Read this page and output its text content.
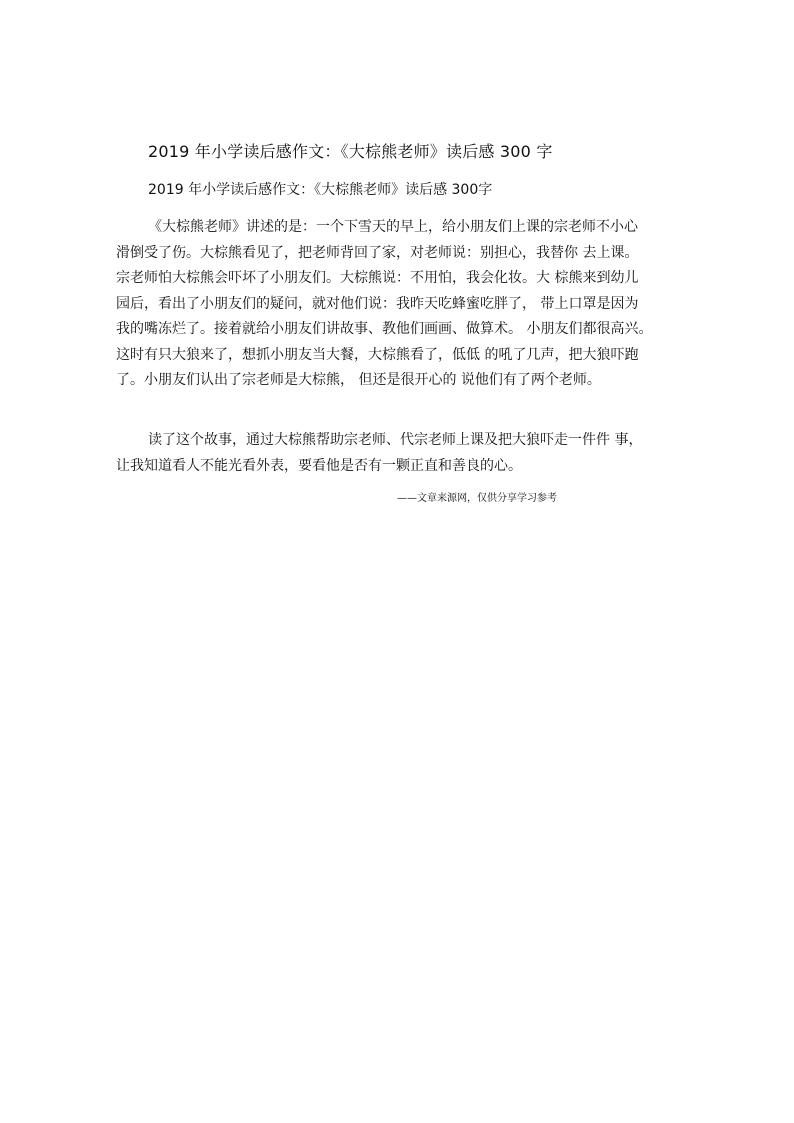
2019 年小学读后感作文：《大棕熊老师》读后感 300 字
2019 年小学读后感作文：《大棕熊老师》读后感 300字
《大棕熊老师》讲述的是：一个下雪天的早上，给小朋友们上课的宗老师不小心
滑倒受了伤。大棕熊看见了，把老师背回了家，对老师说：别担心，我替你 去上课。
宗老师怕大棕熊会吓坏了小朋友们。大棕熊说：不用怕，我会化妆。大 棕熊来到幼儿
园后，看出了小朋友们的疑问，就对他们说：我昨天吃蜂蜜吃胖了， 带上口罩是因为
我的嘴冻烂了。接着就给小朋友们讲故事、教他们画画、做算术。 小朋友们都很高兴。
这时有只大狼来了，想抓小朋友当大餐，大棕熊看了，低低 的吼了几声，把大狼吓跑
了。小朋友们认出了宗老师是大棕熊， 但还是很开心的 说他们有了两个老师。
读了这个故事，通过大棕熊帮助宗老师、代宗老师上课及把大狼吓走一件件 事，
让我知道看人不能光看外表，要看他是否有一颗正直和善良的心。
——文章来源网，仅供分享学习参考
